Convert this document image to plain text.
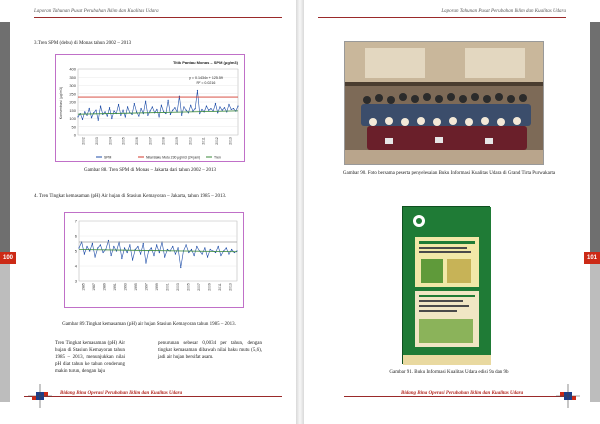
Laporan Tahunan Pusat Perubahan Iklim dan Kualitas Udara
100
3.Tren SPM (debu) di Monas tahun 2002 – 2013
0
50
100
150
200
250
300
350
400
2002	2003	2004	2005	2006	2007	2008	2009	2010	2011	2012	2013
Titik Pantau Monas – SPM (μg/m3)
Konsentrasi (μg/m3)
y = 0.1434x + 125.59
R² = 0.0216
SPM	Nilai Baku Mutu 230 μg/m3 (24 jam)	Tren
Gambar 88. Tren SPM di Monas – Jakarta dari tahun 2002 – 2013
4. Tren Tingkat kemasaman (pH) Air hujan di Stasiun Kemayoran – Jakarta, tahun 1985 – 2013.
3
4
5
6
7
1985 1987 1989 1991 1993 1995 1997 1999 2001 2003 2005 2007 2009 2011 2013
Gambar 89.Tingkat kemasaman (pH) air hujan Stasiun Kemayoran tahun 1985 – 2013.
Tren Tingkat kemasaman (pH) Air hujan di Stasiun Kemayoran tahun 1985 – 2013, menunjukkan nilai pH diat tahun ke tahun cenderung makin turun, dengan laju
penurunan sebesar 0,0034 per tahun, dengan tingkat kemasaman dibawah nilai baku mutu (5,6), jadi air hujan bersifat asam.
Bidang Bina Operasi Perubahan Iklim dan Kualitas Udara
Laporan Tahunan Pusat Perubahan Iklim dan Kualitas Udara
101
Gambar 90. Foto bersama peserta penyelesaian Buku Informasi Kualitas Udara di Grand Tirta Purwakarta
Gambar 91. Buku Informasi Kualitas Udara edisi 9a dan 9b
Bidang Bina Operasi Perubahan Iklim dan Kualitas Udara
